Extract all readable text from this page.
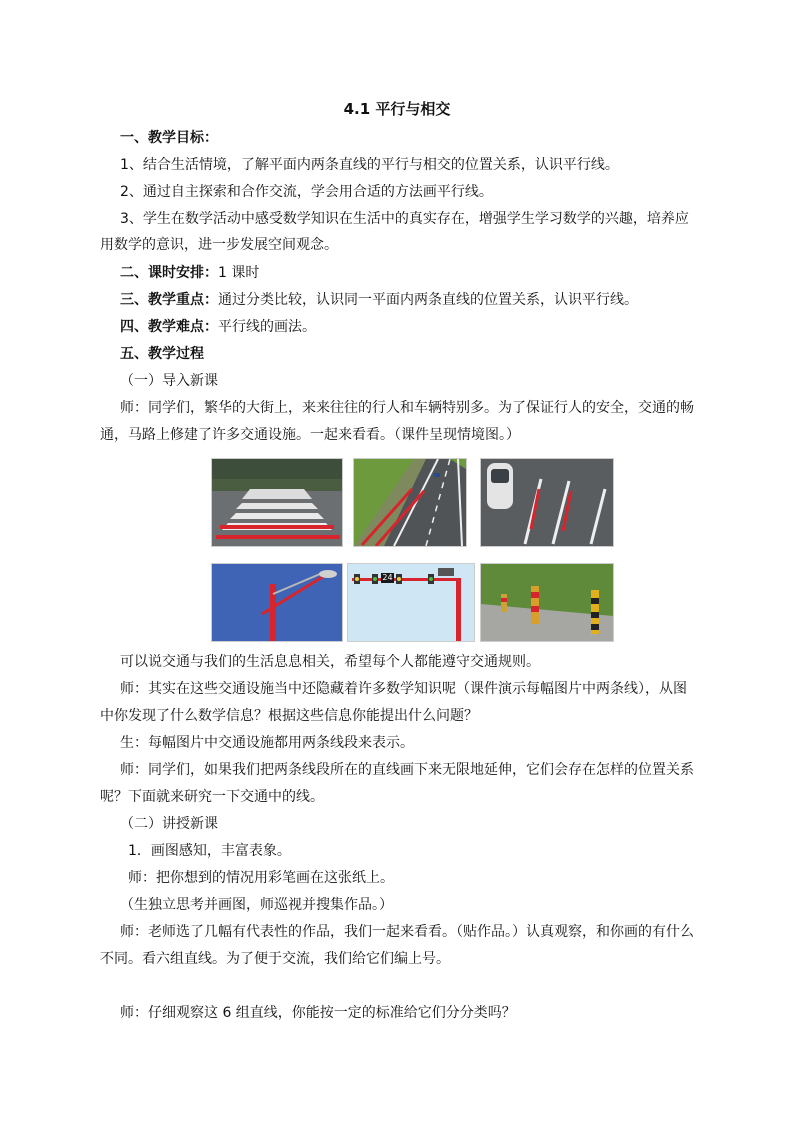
4.1 平行与相交
一、教学目标：
1、结合生活情境，了解平面内两条直线的平行与相交的位置关系，认识平行线。
2、通过自主探索和合作交流，学会用合适的方法画平行线。
3、学生在数学活动中感受数学知识在生活中的真实存在，增强学生学习数学的兴趣，培养应
用数学的意识，进一步发展空间观念。
二、课时安排：1 课时
三、教学重点：通过分类比较，认识同一平面内两条直线的位置关系，认识平行线。
四、教学难点：平行线的画法。
五、教学过程
（一）导入新课
师：同学们，繁华的大街上，来来往往的行人和车辆特别多。为了保证行人的安全，交通的畅
通，马路上修建了许多交通设施。一起来看看。（课件呈现情境图。）
24
可以说交通与我们的生活息息相关，希望每个人都能遵守交通规则。
师：其实在这些交通设施当中还隐藏着许多数学知识呢（课件演示每幅图片中两条线），从图
中你发现了什么数学信息？根据这些信息你能提出什么问题？
生：每幅图片中交通设施都用两条线段来表示。
师：同学们，如果我们把两条线段所在的直线画下来无限地延伸，它们会存在怎样的位置关系
呢？下面就来研究一下交通中的线。
（二）讲授新课
1．画图感知，丰富表象。
师：把你想到的情况用彩笔画在这张纸上。
（生独立思考并画图，师巡视并搜集作品。）
师：老师选了几幅有代表性的作品，我们一起来看看。（贴作品。）认真观察，和你画的有什么
不同。看六组直线。为了便于交流，我们给它们编上号。
师：仔细观察这 6 组直线，你能按一定的标准给它们分分类吗？
